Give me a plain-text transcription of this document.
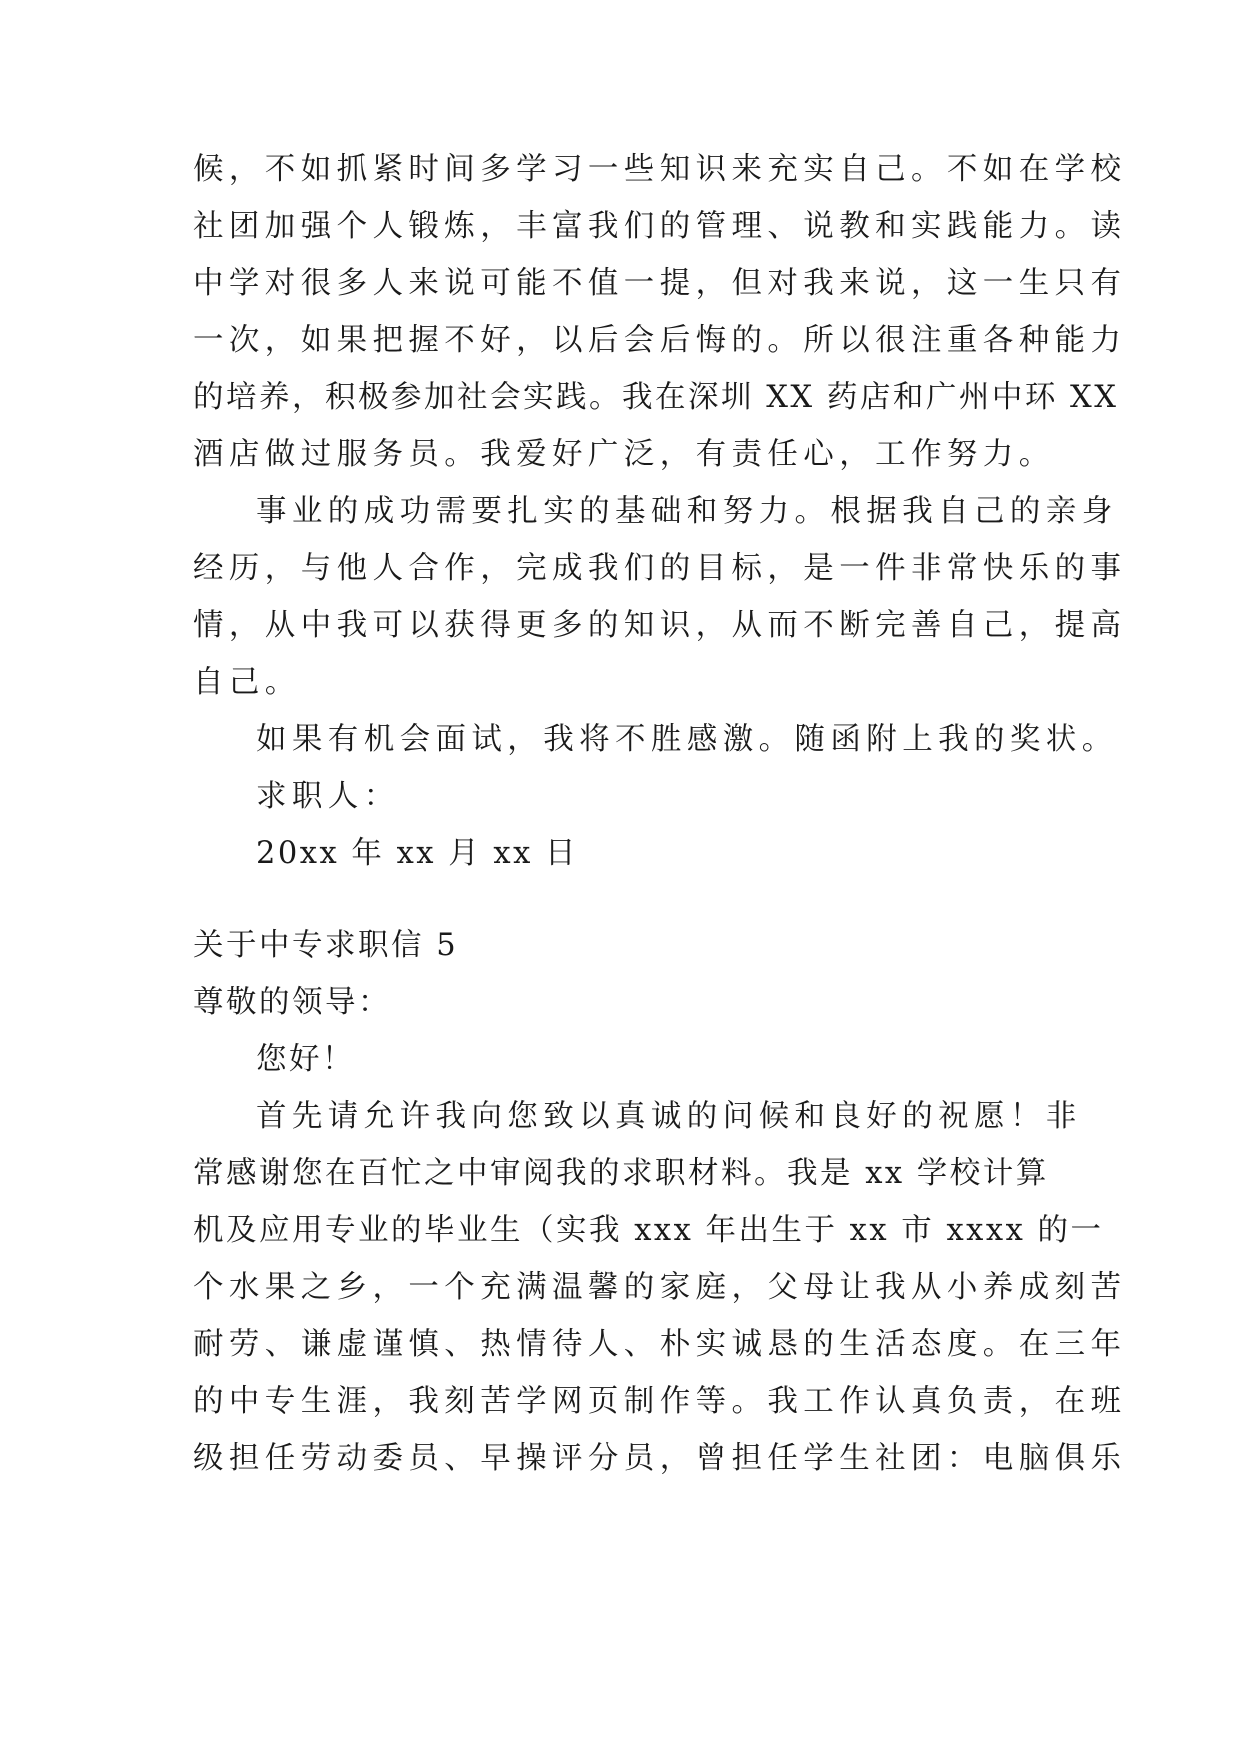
候，不如抓紧时间多学习一些知识来充实自己。不如在学校
社团加强个人锻炼，丰富我们的管理、说教和实践能力。读
中学对很多人来说可能不值一提，但对我来说，这一生只有
一次，如果把握不好，以后会后悔的。所以很注重各种能力
的培养，积极参加社会实践。我在深圳 XX 药店和广州中环 XX
酒店做过服务员。我爱好广泛，有责任心，工作努力。
事业的成功需要扎实的基础和努力。根据我自己的亲身
经历，与他人合作，完成我们的目标，是一件非常快乐的事
情，从中我可以获得更多的知识，从而不断完善自己，提高
自己。
如果有机会面试，我将不胜感激。随函附上我的奖状。
求职人：
20xx 年 xx 月 xx 日
关于中专求职信 5
尊敬的领导：
您好！
首先请允许我向您致以真诚的问候和良好的祝愿！非
常感谢您在百忙之中审阅我的求职材料。我是 xx 学校计算
机及应用专业的毕业生（实我 xxx 年出生于 xx 市 xxxx 的一
个水果之乡，一个充满温馨的家庭，父母让我从小养成刻苦
耐劳、谦虚谨慎、热情待人、朴实诚恳的生活态度。在三年
的中专生涯，我刻苦学网页制作等。我工作认真负责，在班
级担任劳动委员、早操评分员，曾担任学生社团：电脑俱乐
